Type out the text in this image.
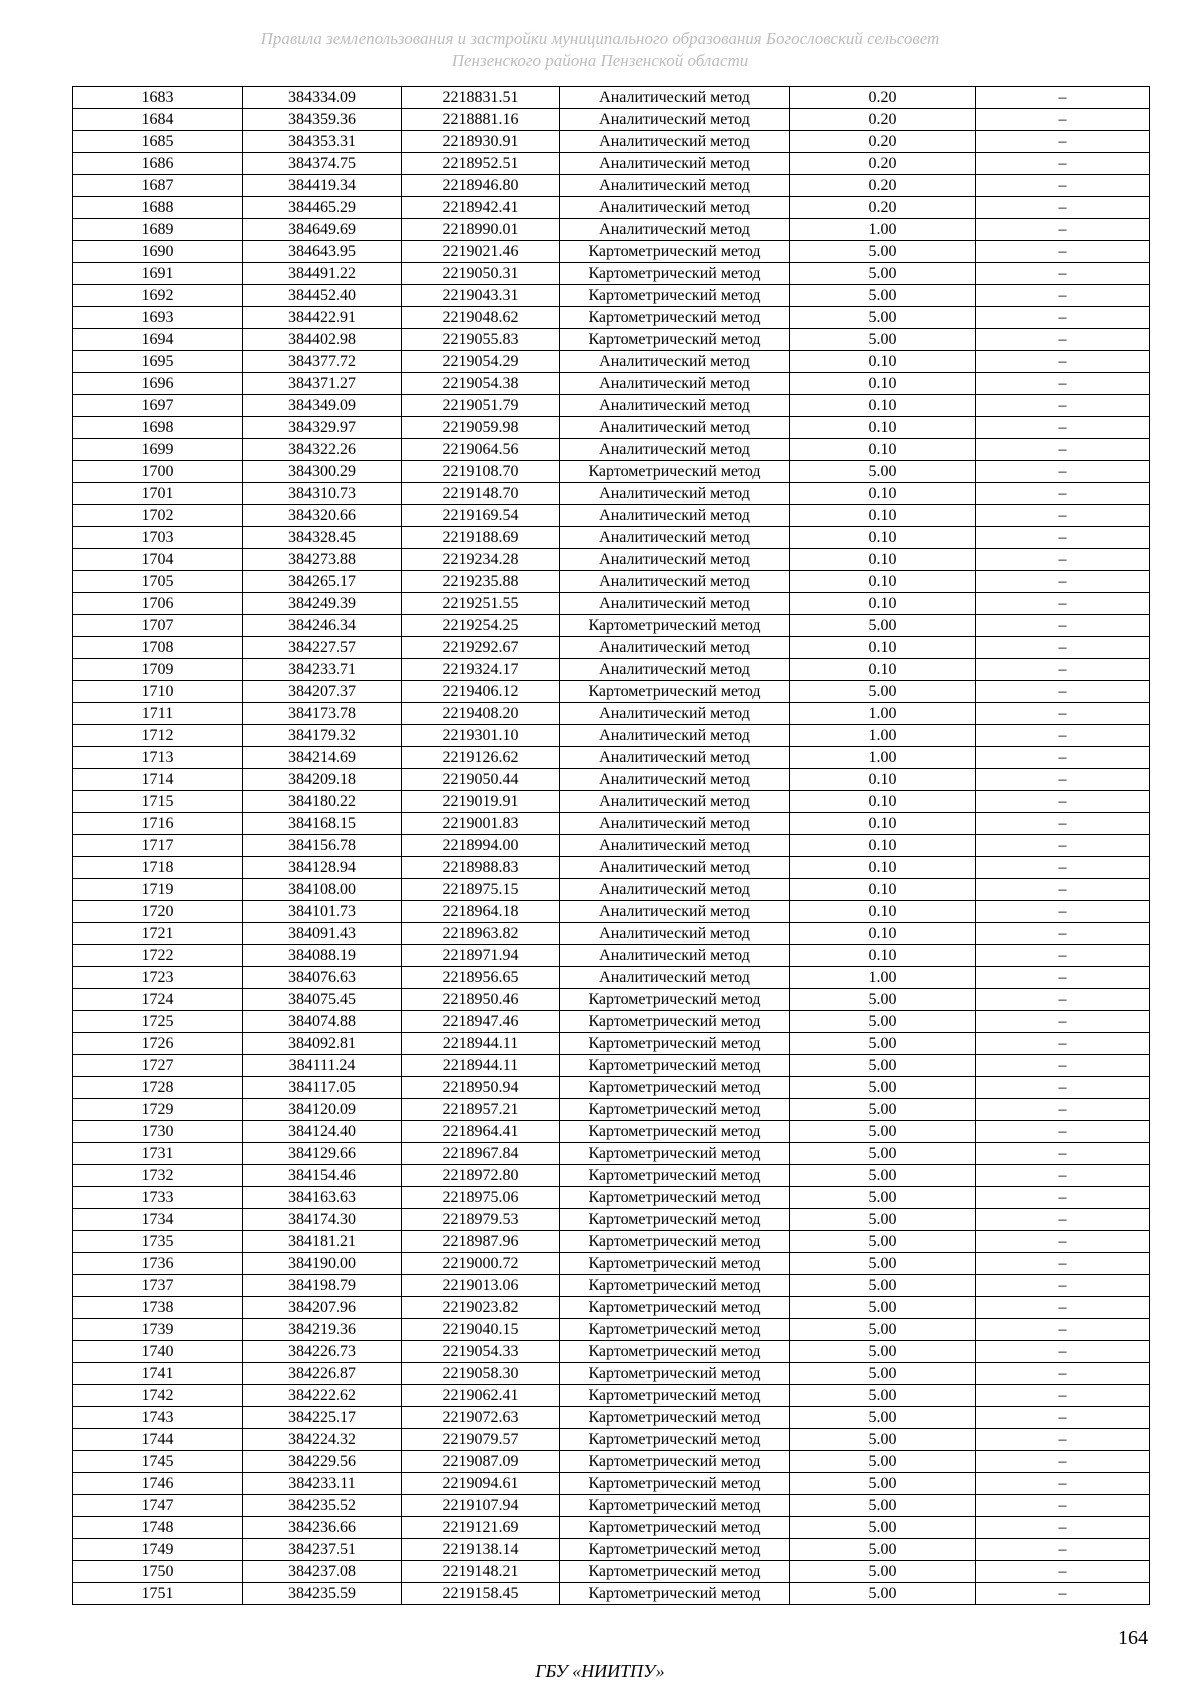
Правила землепользования и застройки муниципального образования Богословский сельсовет
Пензенского района Пензенской области
1683	384334.09	2218831.51	Аналитический метод	0.20	–
1684	384359.36	2218881.16	Аналитический метод	0.20	–
1685	384353.31	2218930.91	Аналитический метод	0.20	–
1686	384374.75	2218952.51	Аналитический метод	0.20	–
1687	384419.34	2218946.80	Аналитический метод	0.20	–
1688	384465.29	2218942.41	Аналитический метод	0.20	–
1689	384649.69	2218990.01	Аналитический метод	1.00	–
1690	384643.95	2219021.46	Картометрический метод	5.00	–
1691	384491.22	2219050.31	Картометрический метод	5.00	–
1692	384452.40	2219043.31	Картометрический метод	5.00	–
1693	384422.91	2219048.62	Картометрический метод	5.00	–
1694	384402.98	2219055.83	Картометрический метод	5.00	–
1695	384377.72	2219054.29	Аналитический метод	0.10	–
1696	384371.27	2219054.38	Аналитический метод	0.10	–
1697	384349.09	2219051.79	Аналитический метод	0.10	–
1698	384329.97	2219059.98	Аналитический метод	0.10	–
1699	384322.26	2219064.56	Аналитический метод	0.10	–
1700	384300.29	2219108.70	Картометрический метод	5.00	–
1701	384310.73	2219148.70	Аналитический метод	0.10	–
1702	384320.66	2219169.54	Аналитический метод	0.10	–
1703	384328.45	2219188.69	Аналитический метод	0.10	–
1704	384273.88	2219234.28	Аналитический метод	0.10	–
1705	384265.17	2219235.88	Аналитический метод	0.10	–
1706	384249.39	2219251.55	Аналитический метод	0.10	–
1707	384246.34	2219254.25	Картометрический метод	5.00	–
1708	384227.57	2219292.67	Аналитический метод	0.10	–
1709	384233.71	2219324.17	Аналитический метод	0.10	–
1710	384207.37	2219406.12	Картометрический метод	5.00	–
1711	384173.78	2219408.20	Аналитический метод	1.00	–
1712	384179.32	2219301.10	Аналитический метод	1.00	–
1713	384214.69	2219126.62	Аналитический метод	1.00	–
1714	384209.18	2219050.44	Аналитический метод	0.10	–
1715	384180.22	2219019.91	Аналитический метод	0.10	–
1716	384168.15	2219001.83	Аналитический метод	0.10	–
1717	384156.78	2218994.00	Аналитический метод	0.10	–
1718	384128.94	2218988.83	Аналитический метод	0.10	–
1719	384108.00	2218975.15	Аналитический метод	0.10	–
1720	384101.73	2218964.18	Аналитический метод	0.10	–
1721	384091.43	2218963.82	Аналитический метод	0.10	–
1722	384088.19	2218971.94	Аналитический метод	0.10	–
1723	384076.63	2218956.65	Аналитический метод	1.00	–
1724	384075.45	2218950.46	Картометрический метод	5.00	–
1725	384074.88	2218947.46	Картометрический метод	5.00	–
1726	384092.81	2218944.11	Картометрический метод	5.00	–
1727	384111.24	2218944.11	Картометрический метод	5.00	–
1728	384117.05	2218950.94	Картометрический метод	5.00	–
1729	384120.09	2218957.21	Картометрический метод	5.00	–
1730	384124.40	2218964.41	Картометрический метод	5.00	–
1731	384129.66	2218967.84	Картометрический метод	5.00	–
1732	384154.46	2218972.80	Картометрический метод	5.00	–
1733	384163.63	2218975.06	Картометрический метод	5.00	–
1734	384174.30	2218979.53	Картометрический метод	5.00	–
1735	384181.21	2218987.96	Картометрический метод	5.00	–
1736	384190.00	2219000.72	Картометрический метод	5.00	–
1737	384198.79	2219013.06	Картометрический метод	5.00	–
1738	384207.96	2219023.82	Картометрический метод	5.00	–
1739	384219.36	2219040.15	Картометрический метод	5.00	–
1740	384226.73	2219054.33	Картометрический метод	5.00	–
1741	384226.87	2219058.30	Картометрический метод	5.00	–
1742	384222.62	2219062.41	Картометрический метод	5.00	–
1743	384225.17	2219072.63	Картометрический метод	5.00	–
1744	384224.32	2219079.57	Картометрический метод	5.00	–
1745	384229.56	2219087.09	Картометрический метод	5.00	–
1746	384233.11	2219094.61	Картометрический метод	5.00	–
1747	384235.52	2219107.94	Картометрический метод	5.00	–
1748	384236.66	2219121.69	Картометрический метод	5.00	–
1749	384237.51	2219138.14	Картометрический метод	5.00	–
1750	384237.08	2219148.21	Картометрический метод	5.00	–
1751	384235.59	2219158.45	Картометрический метод	5.00	–
164
ГБУ «НИИТПУ»
